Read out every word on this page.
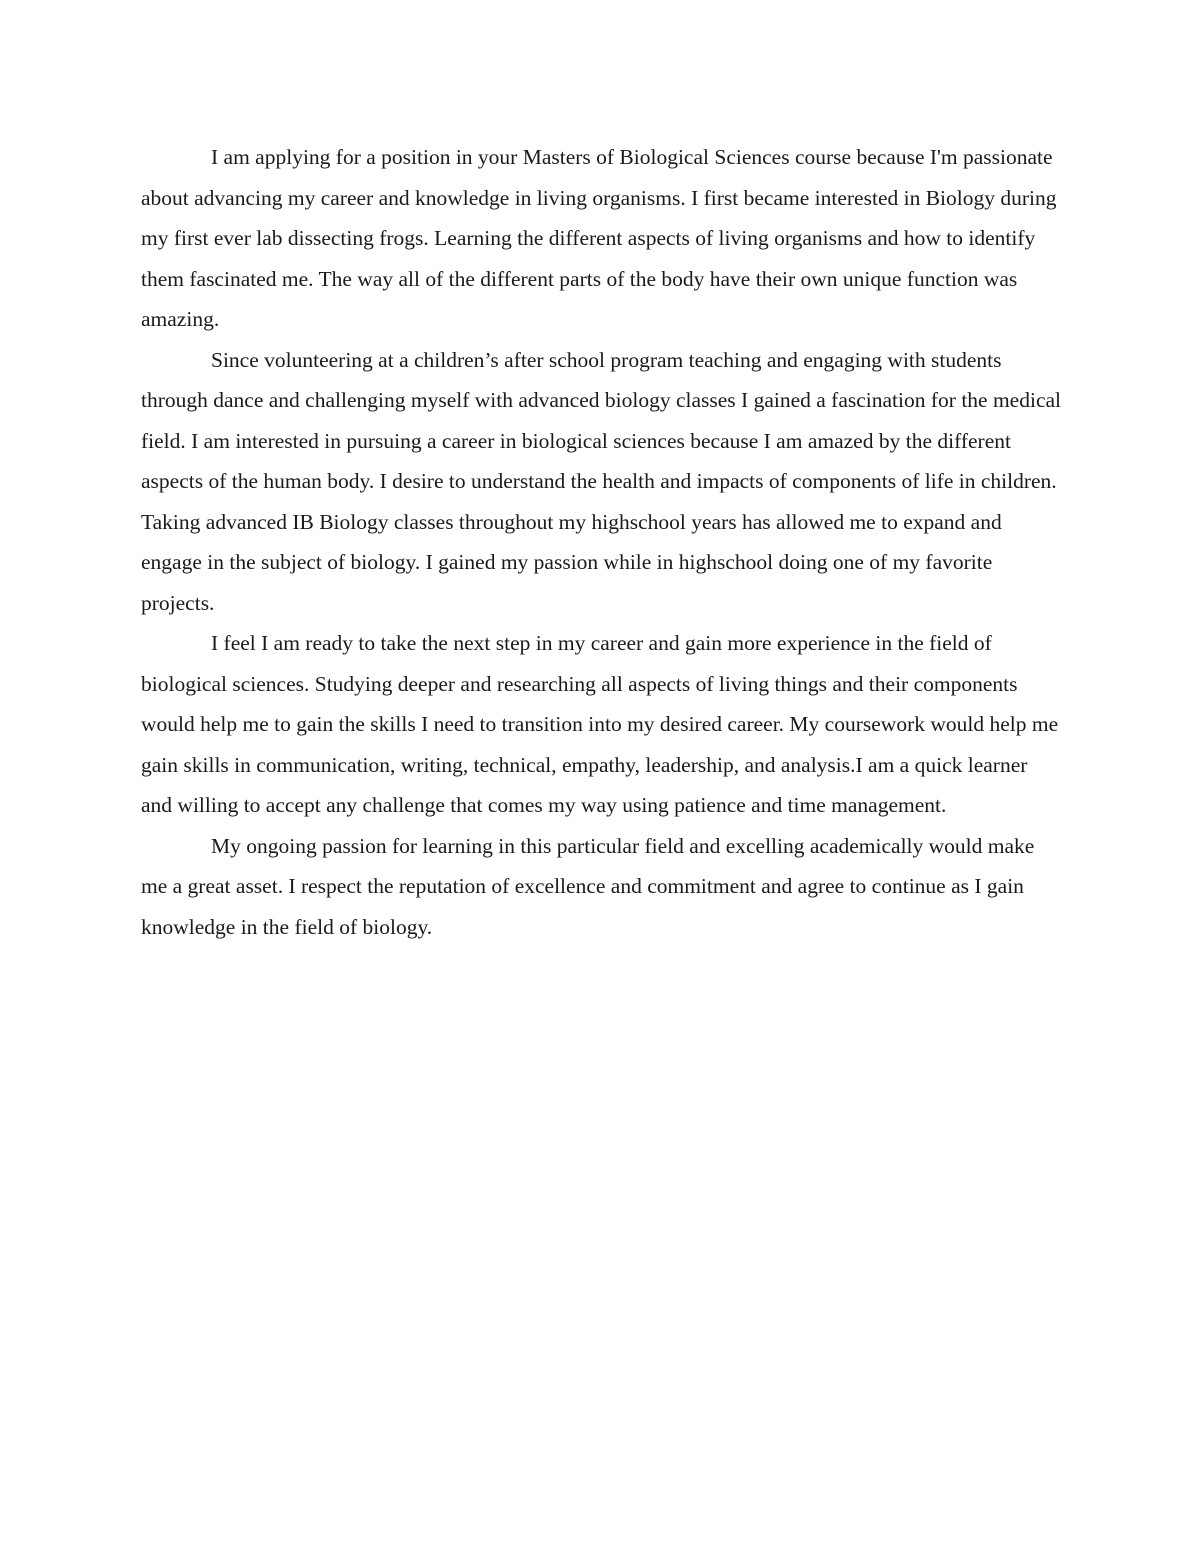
I am applying for a position in your Masters of Biological Sciences course because I'm passionate about advancing my career and knowledge in living organisms. I first became interested in Biology during my first ever lab dissecting frogs. Learning the different aspects of living organisms and how to identify them fascinated me. The way all of the different parts of the body have their own unique function was amazing.

Since volunteering at a children’s after school program teaching and engaging with students through dance and challenging myself with advanced biology classes I gained a fascination for the medical field. I am interested in pursuing a career in biological sciences because I am amazed by the different aspects of the human body. I desire to understand the health and impacts of components of life in children. Taking advanced IB Biology classes throughout my highschool years has allowed me to expand and engage in the subject of biology. I gained my passion while in highschool doing one of my favorite projects.

I feel I am ready to take the next step in my career and gain more experience in the field of biological sciences. Studying deeper and researching all aspects of living things and their components would help me to gain the skills I need to transition into my desired career. My coursework would help me gain skills in communication, writing, technical, empathy, leadership, and analysis.I am a quick learner and willing to accept any challenge that comes my way using patience and time management.

My ongoing passion for learning in this particular field and excelling academically would make me a great asset. I respect the reputation of excellence and commitment and agree to continue as I gain knowledge in the field of biology.
